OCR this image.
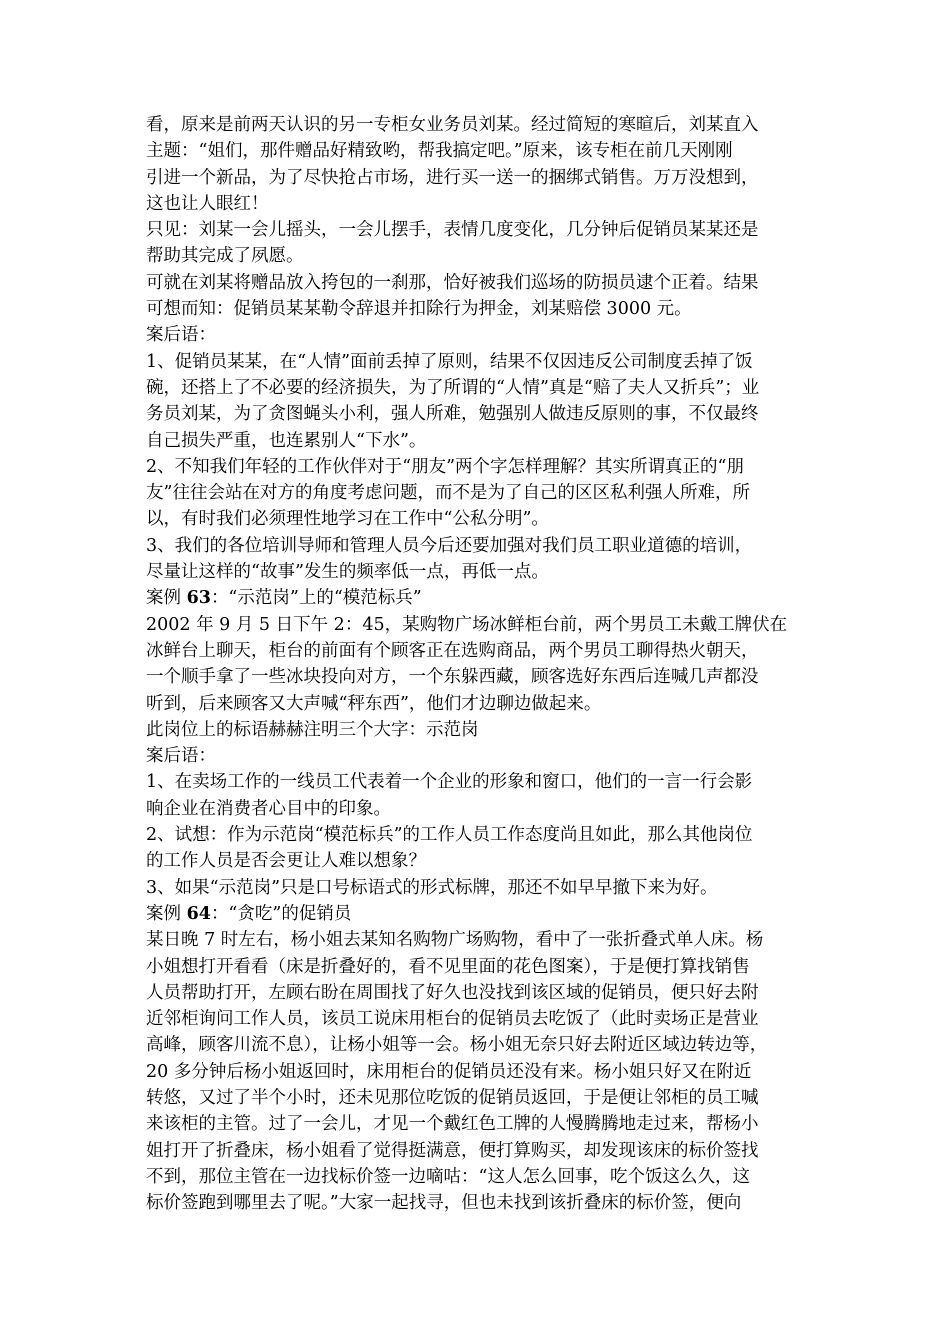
看，原来是前两天认识的另一专柜女业务员刘某。经过简短的寒暄后，刘某直入
主题：“姐们，那件赠品好精致哟，帮我搞定吧。”原来，该专柜在前几天刚刚
引进一个新品，为了尽快抢占市场，进行买一送一的捆绑式销售。万万没想到，
这也让人眼红！
只见：刘某一会儿摇头，一会儿摆手，表情几度变化，几分钟后促销员某某还是
帮助其完成了夙愿。
可就在刘某将赠品放入挎包的一刹那，恰好被我们巡场的防损员逮个正着。结果
可想而知：促销员某某勒令辞退并扣除行为押金，刘某赔偿 3000 元。
案后语：
1、促销员某某，在“人情”面前丢掉了原则，结果不仅因违反公司制度丢掉了饭
碗，还搭上了不必要的经济损失，为了所谓的“人情”真是“赔了夫人又折兵”；业
务员刘某，为了贪图蝇头小利，强人所难，勉强别人做违反原则的事，不仅最终
自己损失严重，也连累别人“下水”。
2、不知我们年轻的工作伙伴对于“朋友”两个字怎样理解？其实所谓真正的“朋
友”往往会站在对方的角度考虑问题，而不是为了自己的区区私利强人所难，所
以，有时我们必须理性地学习在工作中“公私分明”。
3、我们的各位培训导师和管理人员今后还要加强对我们员工职业道德的培训，
尽量让这样的“故事”发生的频率低一点，再低一点。
案例 63：“示范岗”上的“模范标兵”
2002 年 9 月 5 日下午 2：45，某购物广场冰鲜柜台前，两个男员工未戴工牌伏在
冰鲜台上聊天，柜台的前面有个顾客正在选购商品，两个男员工聊得热火朝天，
一个顺手拿了一些冰块投向对方，一个东躲西藏，顾客选好东西后连喊几声都没
听到，后来顾客又大声喊“秤东西”，他们才边聊边做起来。
此岗位上的标语赫赫注明三个大字：示范岗
案后语：
1、在卖场工作的一线员工代表着一个企业的形象和窗口，他们的一言一行会影
响企业在消费者心目中的印象。
2、试想：作为示范岗“模范标兵”的工作人员工作态度尚且如此，那么其他岗位
的工作人员是否会更让人难以想象？
3、如果“示范岗”只是口号标语式的形式标牌，那还不如早早撤下来为好。
案例 64：“贪吃”的促销员
某日晚 7 时左右，杨小姐去某知名购物广场购物，看中了一张折叠式单人床。杨
小姐想打开看看（床是折叠好的，看不见里面的花色图案），于是便打算找销售
人员帮助打开，左顾右盼在周围找了好久也没找到该区域的促销员，便只好去附
近邻柜询问工作人员，该员工说床用柜台的促销员去吃饭了（此时卖场正是营业
高峰，顾客川流不息），让杨小姐等一会。杨小姐无奈只好去附近区域边转边等，
20 多分钟后杨小姐返回时，床用柜台的促销员还没有来。杨小姐只好又在附近
转悠，又过了半个小时，还未见那位吃饭的促销员返回，于是便让邻柜的员工喊
来该柜的主管。过了一会儿，才见一个戴红色工牌的人慢腾腾地走过来，帮杨小
姐打开了折叠床，杨小姐看了觉得挺满意，便打算购买，却发现该床的标价签找
不到，那位主管在一边找标价签一边嘀咕：“这人怎么回事，吃个饭这么久，这
标价签跑到哪里去了呢。”大家一起找寻，但也未找到该折叠床的标价签，便向
